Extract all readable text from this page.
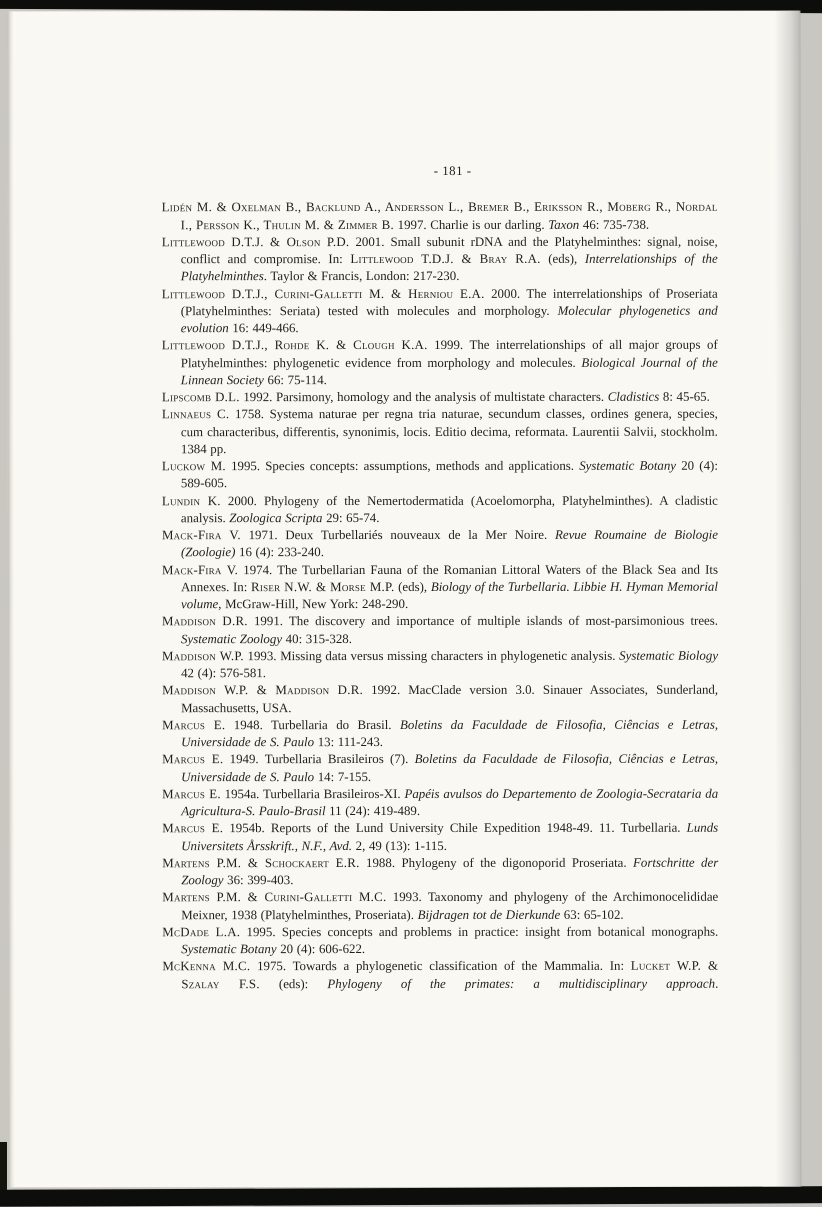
- 181 -

Lidén M. & Oxelman B., Backlund A., Andersson L., Bremer B., Eriksson R., Moberg R., Nordal I., Persson K., Thulin M. & Zimmer B. 1997. Charlie is our darling. Taxon 46: 735-738.

Littlewood D.T.J. & Olson P.D. 2001. Small subunit rDNA and the Platyhelminthes: signal, noise, conflict and compromise. In: Littlewood T.D.J. & Bray R.A. (eds), Interrelationships of the Platyhelminthes. Taylor & Francis, London: 217-230.

Littlewood D.T.J., Curini-Galletti M. & Herniou E.A. 2000. The interrelationships of Proseriata (Platyhelminthes: Seriata) tested with molecules and morphology. Molecular phylogenetics and evolution 16: 449-466.

Littlewood D.T.J., Rohde K. & Clough K.A. 1999. The interrelationships of all major groups of Platyhelminthes: phylogenetic evidence from morphology and molecules. Biological Journal of the Linnean Society 66: 75-114.

Lipscomb D.L. 1992. Parsimony, homology and the analysis of multistate characters. Cladistics 8: 45-65.

Linnaeus C. 1758. Systema naturae per regna tria naturae, secundum classes, ordines genera, species, cum characteribus, differentis, synonimis, locis. Editio decima, reformata. Laurentii Salvii, stockholm. 1384 pp.

Luckow M. 1995. Species concepts: assumptions, methods and applications. Systematic Botany 20 (4): 589-605.

Lundin K. 2000. Phylogeny of the Nemertodermatida (Acoelomorpha, Platyhelminthes). A cladistic analysis. Zoologica Scripta 29: 65-74.

Mack-Fira V. 1971. Deux Turbellariés nouveaux de la Mer Noire. Revue Roumaine de Biologie (Zoologie) 16 (4): 233-240.

Mack-Fira V. 1974. The Turbellarian Fauna of the Romanian Littoral Waters of the Black Sea and Its Annexes. In: Riser N.W. & Morse M.P. (eds), Biology of the Turbellaria. Libbie H. Hyman Memorial volume, McGraw-Hill, New York: 248-290.

Maddison D.R. 1991. The discovery and importance of multiple islands of most-parsimonious trees. Systematic Zoology 40: 315-328.

Maddison W.P. 1993. Missing data versus missing characters in phylogenetic analysis. Systematic Biology 42 (4): 576-581.

Maddison W.P. & Maddison D.R. 1992. MacClade version 3.0. Sinauer Associates, Sunderland, Massachusetts, USA.

Marcus E. 1948. Turbellaria do Brasil. Boletins da Faculdade de Filosofia, Ciências e Letras, Universidade de S. Paulo 13: 111-243.

Marcus E. 1949. Turbellaria Brasileiros (7). Boletins da Faculdade de Filosofia, Ciências e Letras, Universidade de S. Paulo 14: 7-155.

Marcus E. 1954a. Turbellaria Brasileiros-XI. Papéis avulsos do Departemento de Zoologia-Secrataria da Agricultura-S. Paulo-Brasil 11 (24): 419-489.

Marcus E. 1954b. Reports of the Lund University Chile Expedition 1948-49. 11. Turbellaria. Lunds Universitets Årsskrift., N.F., Avd. 2, 49 (13): 1-115.

Martens P.M. & Schockaert E.R. 1988. Phylogeny of the digonoporid Proseriata. Fortschritte der Zoology 36: 399-403.

Martens P.M. & Curini-Galletti M.C. 1993. Taxonomy and phylogeny of the Archimonocelididae Meixner, 1938 (Platyhelminthes, Proseriata). Bijdragen tot de Dierkunde 63: 65-102.

McDade L.A. 1995. Species concepts and problems in practice: insight from botanical monographs. Systematic Botany 20 (4): 606-622.

McKenna M.C. 1975. Towards a phylogenetic classification of the Mammalia. In: Lucket W.P. & Szalay F.S. (eds): Phylogeny of the primates: a multidisciplinary approach.
